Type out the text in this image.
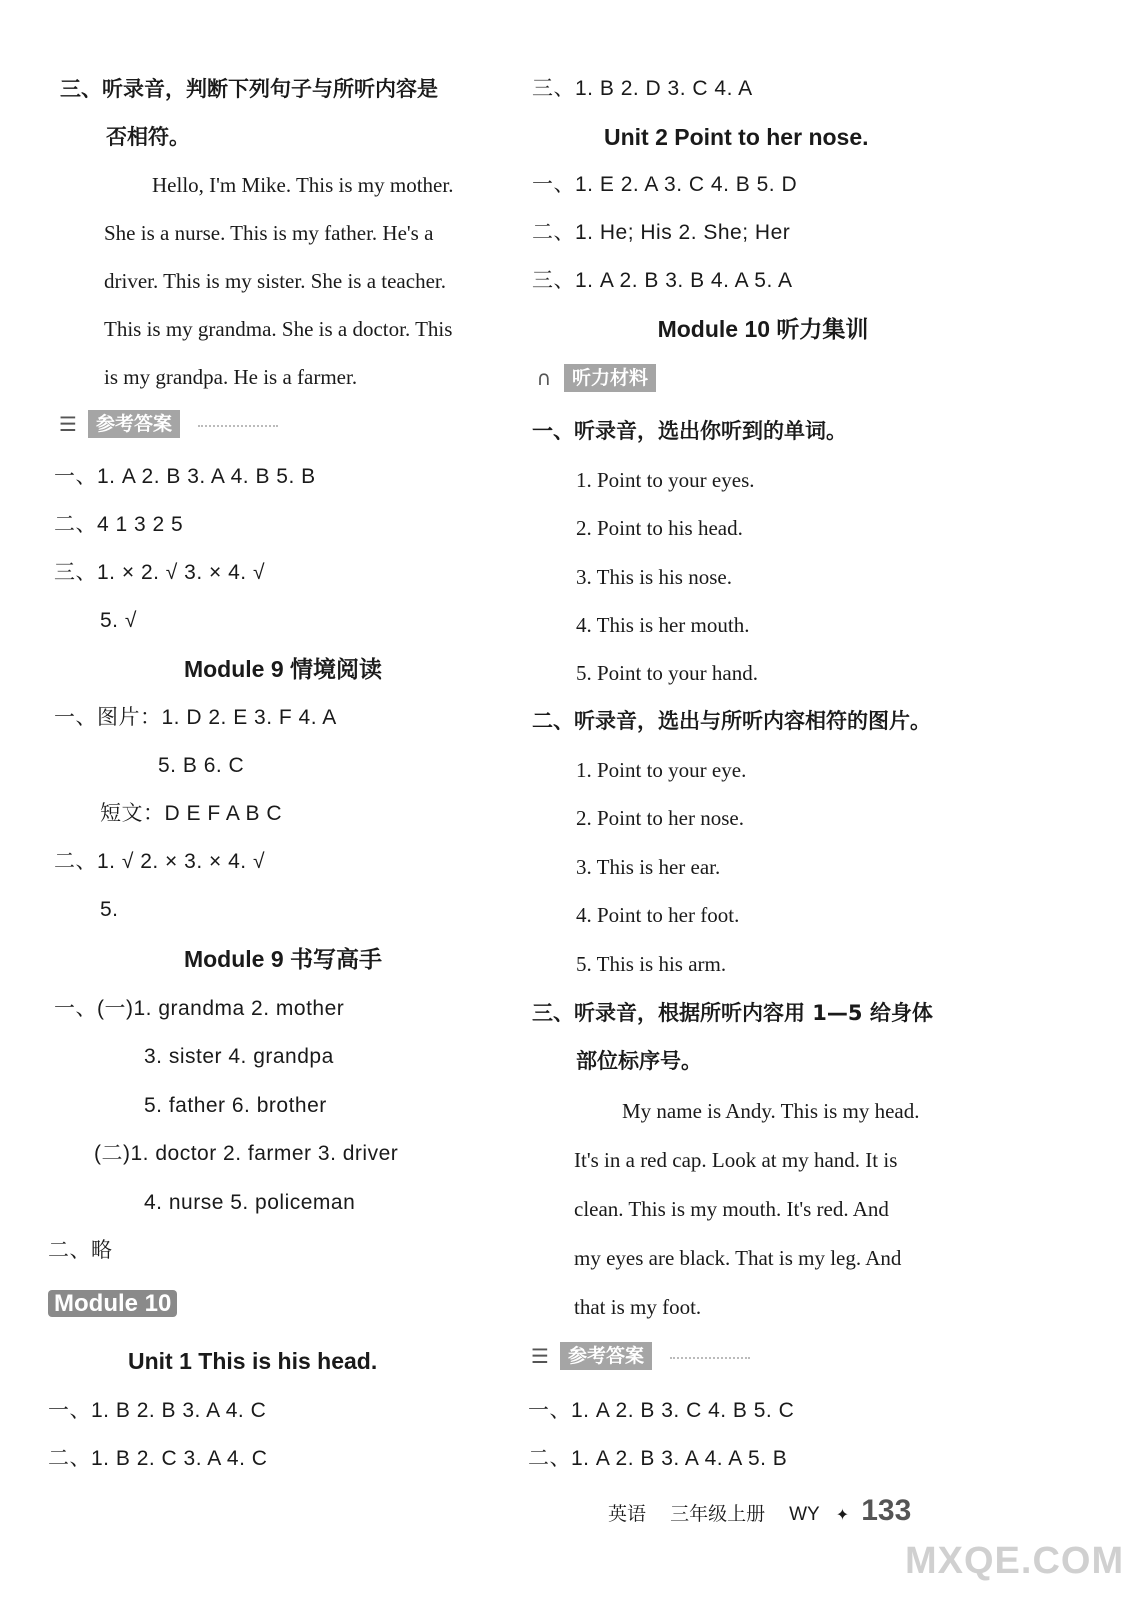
三、听录音，判断下列句子与所听内容是
否相符。
Hello, I'm Mike. This is my mother.
She is a nurse. This is my father. He's a
driver. This is my sister. She is a teacher.
This is my grandma. She is a doctor. This
is my grandpa. He is a farmer.
☰	参考答案
一、1. A 2. B 3. A 4. B 5. B
二、4 1 3 2 5
三、1. × 2. √ 3. × 4. √
5. √
Module 9 情境阅读
一、图片：1. D 2. E 3. F 4. A
5. B 6. C
短文：D E F A B C
二、1. √ 2. × 3. × 4. √
5.
Module 9 书写高手
一、(一)1. grandma 2. mother
3. sister 4. grandpa
5. father 6. brother
(二)1. doctor 2. farmer 3. driver
4. nurse 5. policeman
二、略
Module 10
Unit 1 This is his head.
一、1. B 2. B 3. A 4. C
二、1. B 2. C 3. A 4. C
三、1. B 2. D 3. C 4. A
Unit 2 Point to her nose.
一、1. E 2. A 3. C 4. B 5. D
二、1. He; His 2. She; Her
三、1. A 2. B 3. B 4. A 5. A
Module 10 听力集训
∩	听力材料
一、听录音，选出你听到的单词。
1. Point to your eyes.
2. Point to his head.
3. This is his nose.
4. This is her mouth.
5. Point to your hand.
二、听录音，选出与所听内容相符的图片。
1. Point to your eye.
2. Point to her nose.
3. This is her ear.
4. Point to her foot.
5. This is his arm.
三、听录音，根据所听内容用 1—5 给身体
部位标序号。
My name is Andy. This is my head.
It's in a red cap. Look at my hand. It is
clean. This is my mouth. It's red. And
my eyes are black. That is my leg. And
that is my foot.
☰	参考答案
一、1. A 2. B 3. C 4. B 5. C
二、1. A 2. B 3. A 4. A 5. B
英语 三年级上册 WY ✦ 133
MXQE.COM
